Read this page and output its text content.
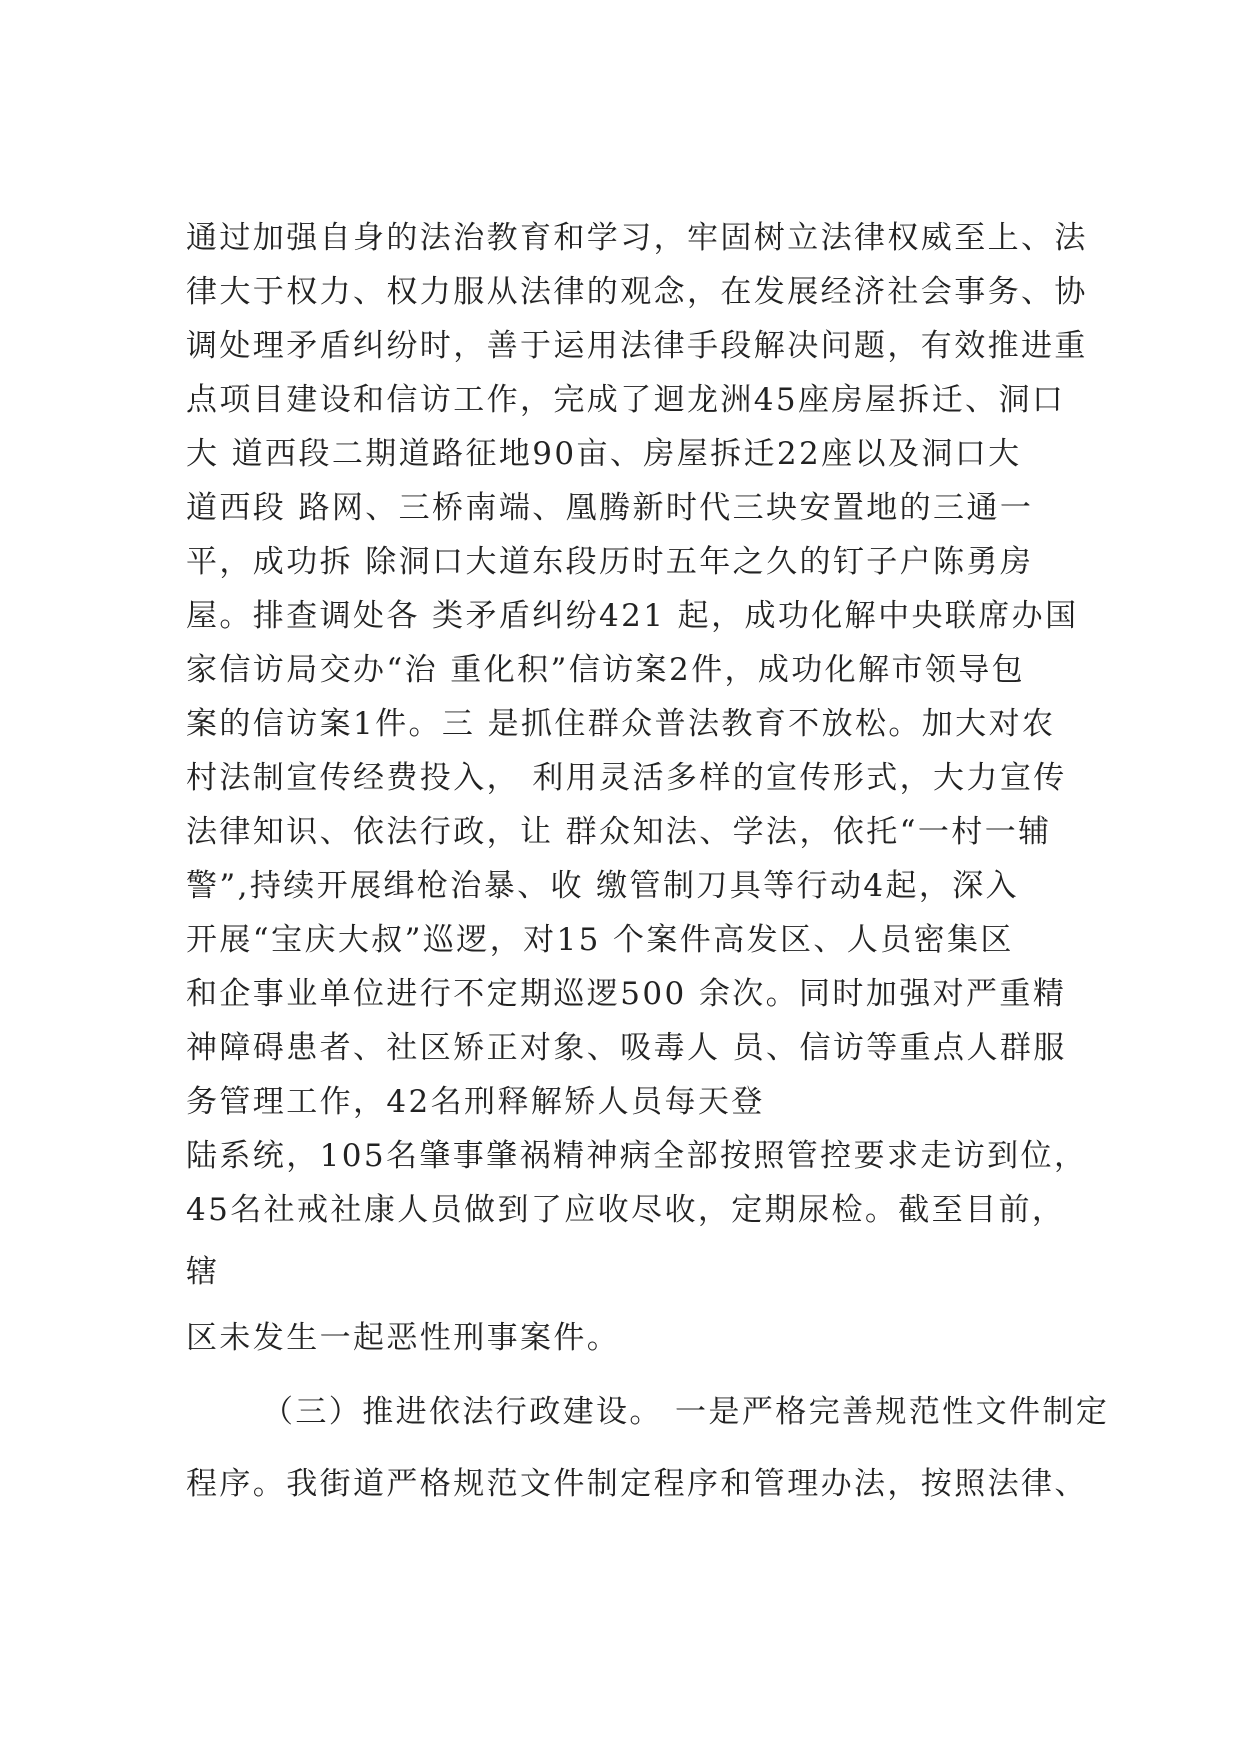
通过加强自身的法治教育和学习，牢固树立法律权威至上、法
律大于权力、权力服从法律的观念，在发展经济社会事务、协
调处理矛盾纠纷时，善于运用法律手段解决问题，有效推进重
点项目建设和信访工作，完成了迴龙洲45座房屋拆迁、洞口
大 道西段二期道路征地90亩、房屋拆迁22座以及洞口大
道西段 路网、三桥南端、凰腾新时代三块安置地的三通一
平，成功拆 除洞口大道东段历时五年之久的钉子户陈勇房
屋。排查调处各 类矛盾纠纷421 起，成功化解中央联席办国
家信访局交办“治 重化积”信访案2件，成功化解市领导包
案的信访案1件。三 是抓住群众普法教育不放松。加大对农
村法制宣传经费投入， 利用灵活多样的宣传形式，大力宣传
法律知识、依法行政，让 群众知法、学法，依托“一村一辅
警”,持续开展缉枪治暴、收 缴管制刀具等行动4起，深入
开展“宝庆大叔”巡逻，对15 个案件高发区、人员密集区
和企事业单位进行不定期巡逻500 余次。同时加强对严重精
神障碍患者、社区矫正对象、吸毒人 员、信访等重点人群服
务管理工作，42名刑释解矫人员每天登
陆系统，105名肇事肇祸精神病全部按照管控要求走访到位，
45名社戒社康人员做到了应收尽收，定期尿检。截至目前，
辖
区未发生一起恶性刑事案件。
（三）推进依法行政建设。 一是严格完善规范性文件制定
程序。我街道严格规范文件制定程序和管理办法，按照法律、
